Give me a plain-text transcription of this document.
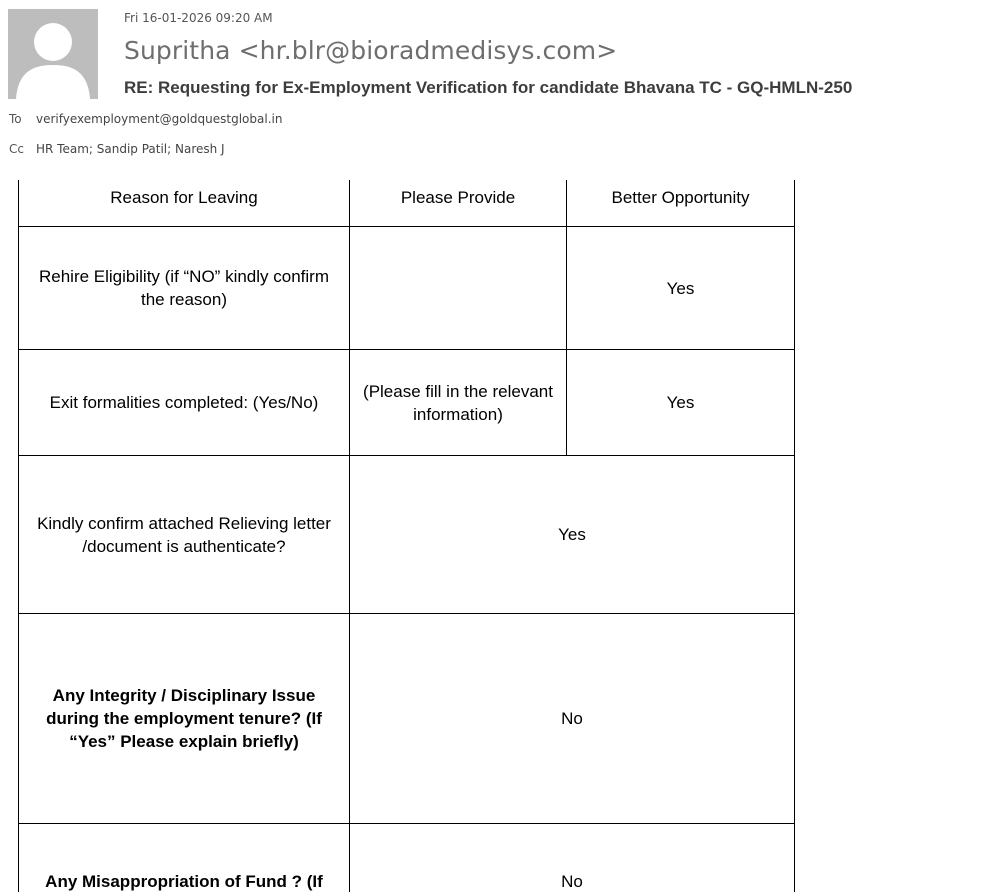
Fri 16-01-2026 09:20 AM
Supritha <hr.blr@bioradmedisys.com>
RE: Requesting for Ex-Employment Verification for candidate Bhavana TC - GQ-HMLN-250
To verifyexemployment@goldquestglobal.in
Cc HR Team; Sandip Patil; Naresh J
Reason for Leaving	Please Provide	Better Opportunity
Rehire Eligibility (if “NO” kindly confirm the reason)		Yes
Exit formalities completed: (Yes/No)	(Please fill in the relevant information)	Yes
Kindly confirm attached Relieving letter /document is authenticate?	Yes	
Any Integrity / Disciplinary Issue during the employment tenure? (If “Yes” Please explain briefly)	No	
Any Misappropriation of Fund ? (If	No	
